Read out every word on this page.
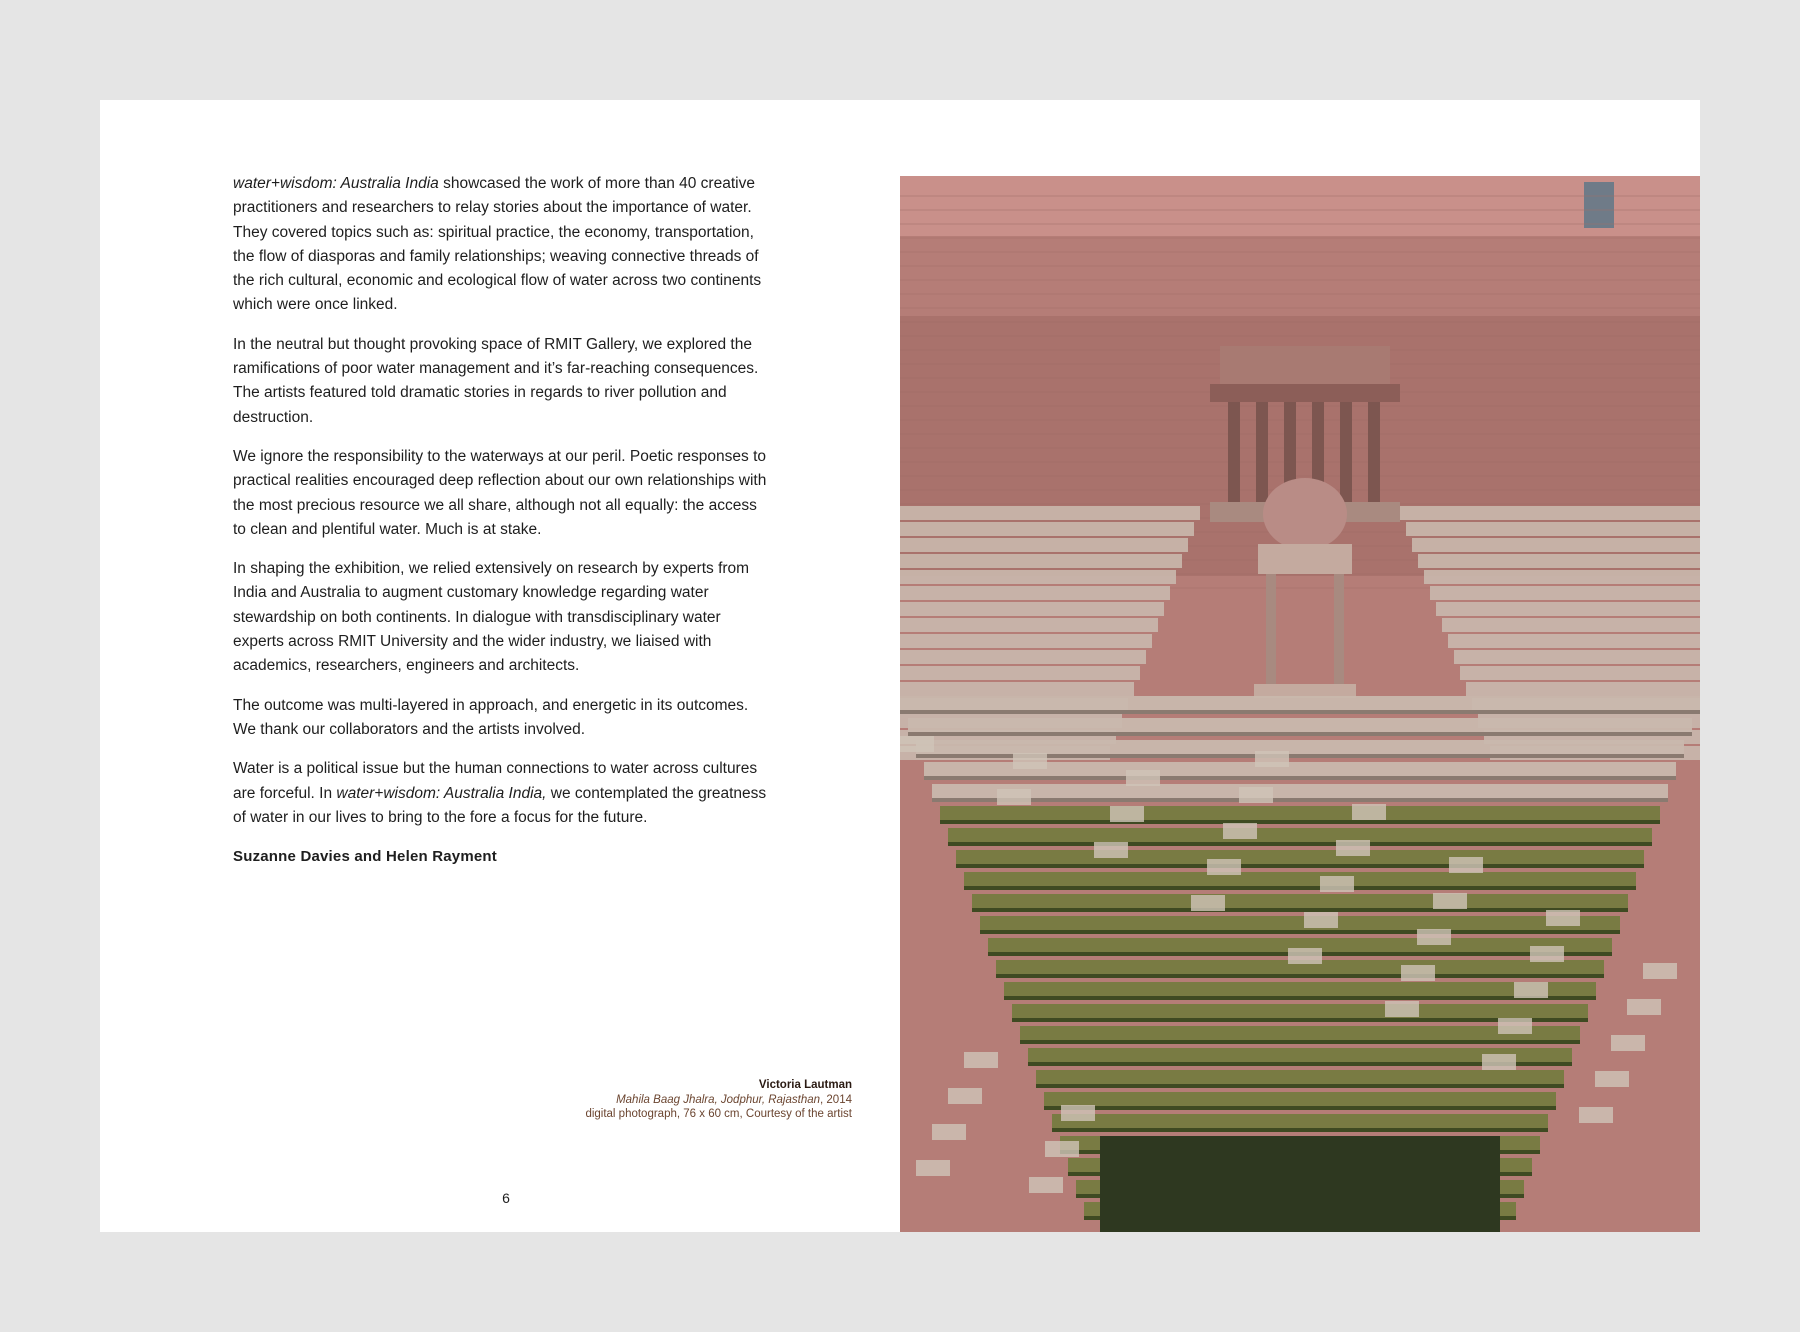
water+wisdom: Australia India showcased the work of more than 40 creative practitioners and researchers to relay stories about the importance of water. They covered topics such as: spiritual practice, the economy, transportation, the flow of diasporas and family relationships; weaving connective threads of the rich cultural, economic and ecological flow of water across two continents which were once linked.

In the neutral but thought provoking space of RMIT Gallery, we explored the ramifications of poor water management and it’s far-reaching consequences. The artists featured told dramatic stories in regards to river pollution and destruction.

We ignore the responsibility to the waterways at our peril. Poetic responses to practical realities encouraged deep reflection about our own relationships with the most precious resource we all share, although not all equally: the access to clean and plentiful water. Much is at stake.

In shaping the exhibition, we relied extensively on research by experts from India and Australia to augment customary knowledge regarding water stewardship on both continents. In dialogue with transdisciplinary water experts across RMIT University and the wider industry, we liaised with academics, researchers, engineers and architects.

The outcome was multi-layered in approach, and energetic in its outcomes. We thank our collaborators and the artists involved.

Water is a political issue but the human connections to water across cultures are forceful. In water+wisdom: Australia India, we contemplated the greatness of water in our lives to bring to the fore a focus for the future.

Suzanne Davies and Helen Rayment
Victoria Lautman
Mahila Baag Jhalra, Jodphur, Rajasthan, 2014
digital photograph, 76 x 60 cm, Courtesy of the artist
6
